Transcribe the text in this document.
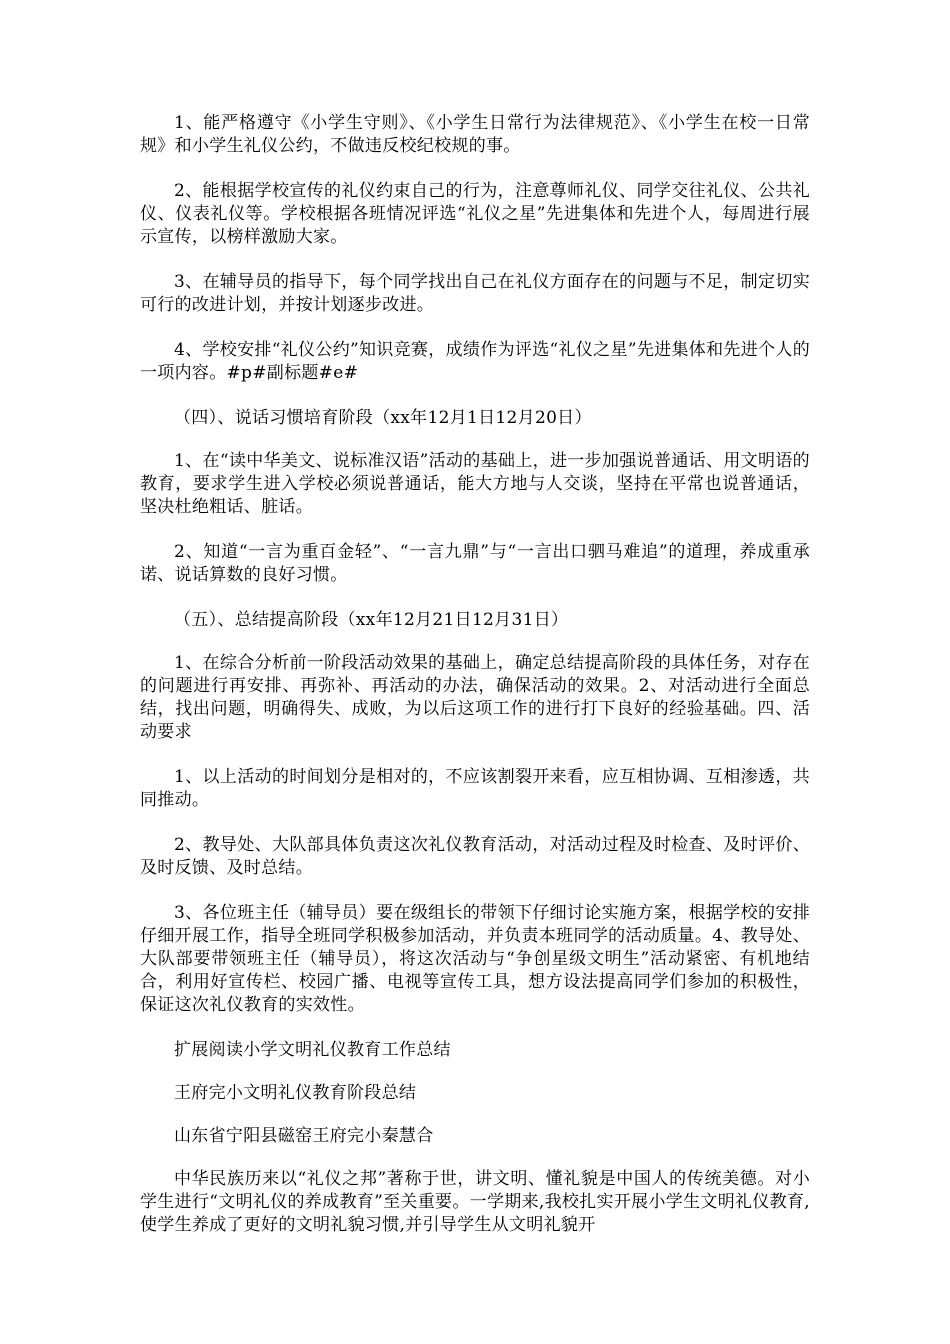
1、能严格遵守《小学生守则》、《小学生日常行为法律规范》、《小学生在校一日常规》和小学生礼仪公约，不做违反校纪校规的事。

2、能根据学校宣传的礼仪约束自己的行为，注意尊师礼仪、同学交往礼仪、公共礼仪、仪表礼仪等。学校根据各班情况评选“礼仪之星”先进集体和先进个人，每周进行展示宣传，以榜样激励大家。

3、在辅导员的指导下，每个同学找出自己在礼仪方面存在的问题与不足，制定切实可行的改进计划，并按计划逐步改进。

4、学校安排“礼仪公约”知识竞赛，成绩作为评选“礼仪之星”先进集体和先进个人的一项内容。#p#副标题#e#

（四）、说话习惯培育阶段（xx年12月1日12月20日）

1、在“读中华美文、说标准汉语”活动的基础上，进一步加强说普通话、用文明语的教育，要求学生进入学校必须说普通话，能大方地与人交谈，坚持在平常也说普通话，坚决杜绝粗话、脏话。

2、知道“一言为重百金轻”、“一言九鼎”与“一言出口驷马难追”的道理，养成重承诺、说话算数的良好习惯。

（五）、总结提高阶段（xx年12月21日12月31日）

1、在综合分析前一阶段活动效果的基础上，确定总结提高阶段的具体任务，对存在的问题进行再安排、再弥补、再活动的办法，确保活动的效果。2、对活动进行全面总结，找出问题，明确得失、成败，为以后这项工作的进行打下良好的经验基础。四、活动要求

1、以上活动的时间划分是相对的，不应该割裂开来看，应互相协调、互相渗透，共同推动。

2、教导处、大队部具体负责这次礼仪教育活动，对活动过程及时检查、及时评价、及时反馈、及时总结。

3、各位班主任（辅导员）要在级组长的带领下仔细讨论实施方案，根据学校的安排仔细开展工作，指导全班同学积极参加活动，并负责本班同学的活动质量。4、教导处、大队部要带领班主任（辅导员），将这次活动与“争创星级文明生”活动紧密、有机地结合，利用好宣传栏、校园广播、电视等宣传工具，想方设法提高同学们参加的积极性，保证这次礼仪教育的实效性。

扩展阅读小学文明礼仪教育工作总结

王府完小文明礼仪教育阶段总结

山东省宁阳县磁窑王府完小秦慧合

中华民族历来以“礼仪之邦”著称于世，讲文明、懂礼貌是中国人的传统美德。对小学生进行“文明礼仪的养成教育”至关重要。一学期来,我校扎实开展小学生文明礼仪教育,使学生养成了更好的文明礼貌习惯,并引导学生从文明礼貌开
